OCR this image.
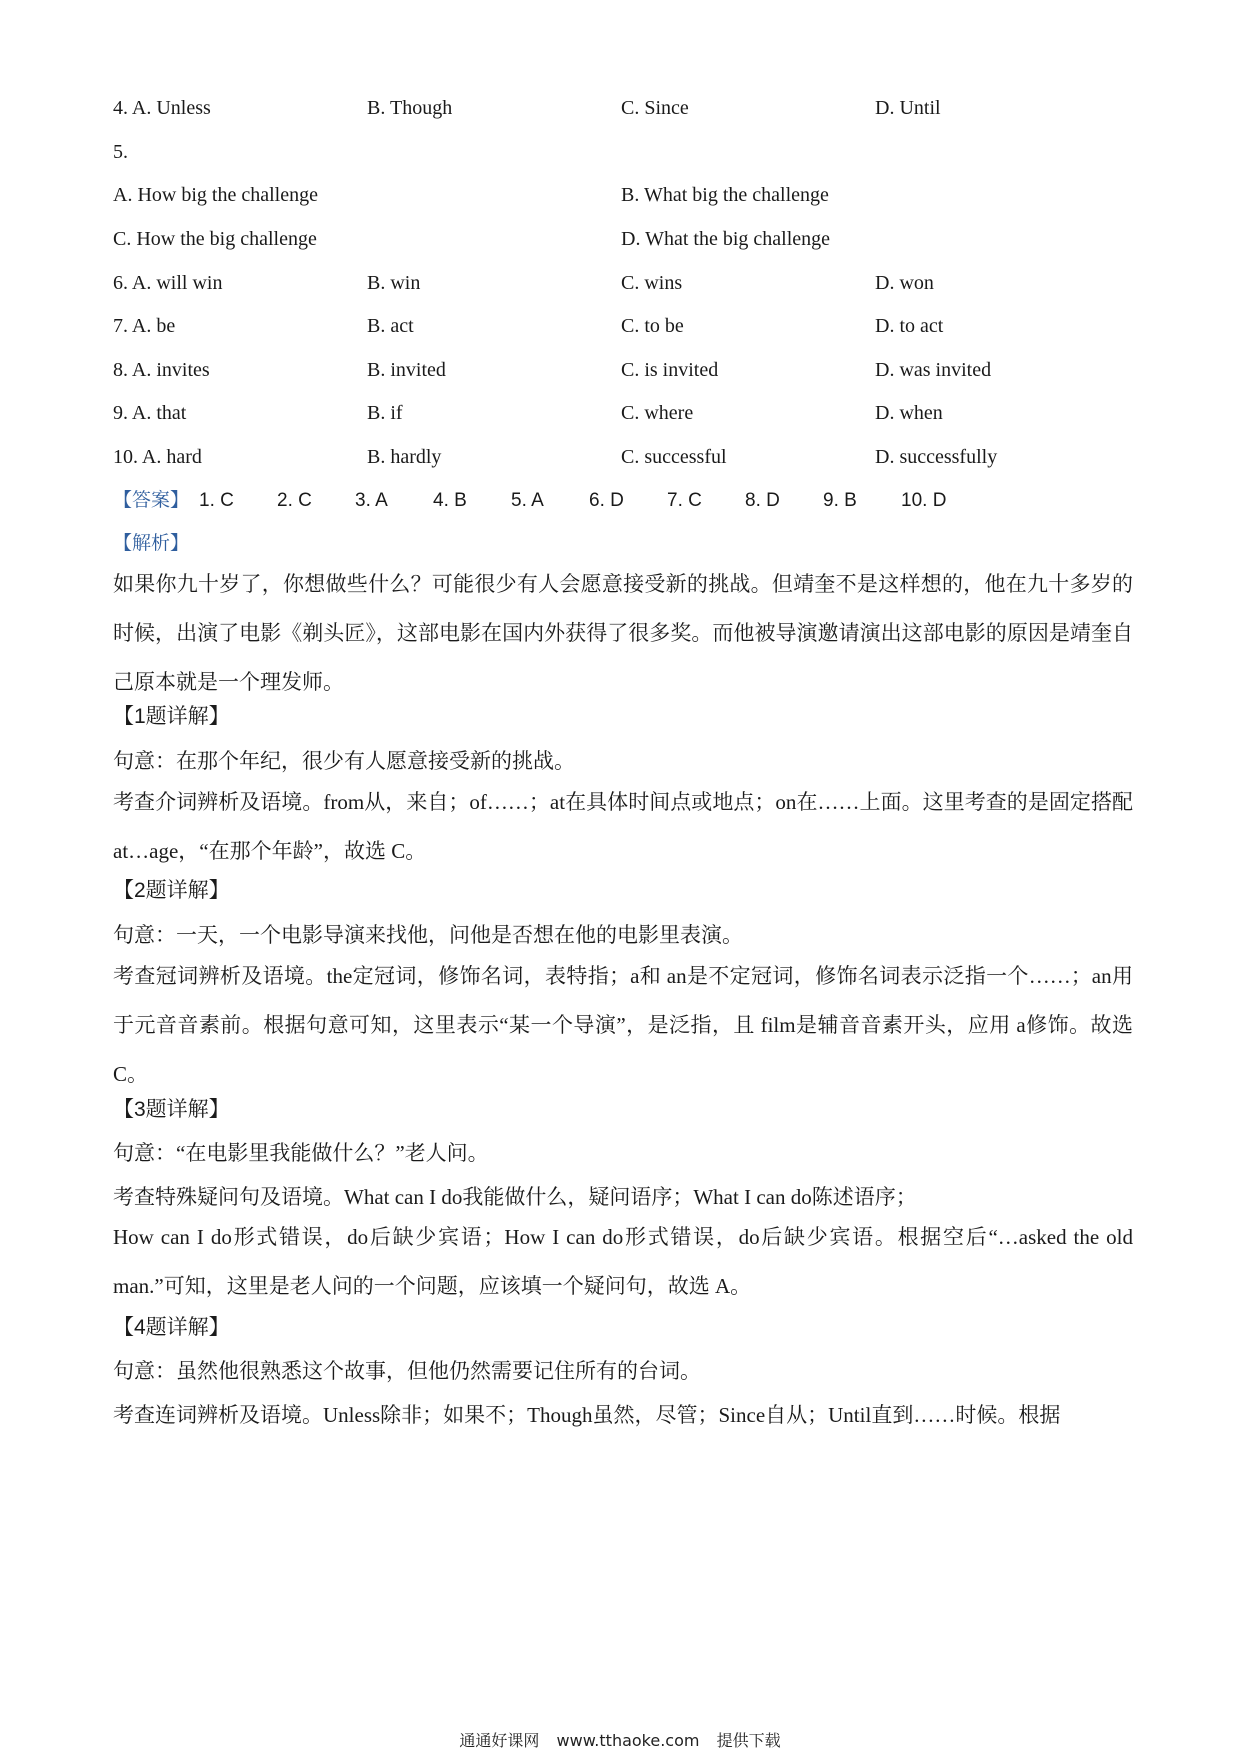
4. A. Unless	B. Though	C. Since	D. Until
5.
A. How big the challenge	B. What big the challenge
C. How the big challenge	D. What the big challenge
6. A. will win	B. win	C. wins	D. won
7. A. be	B. act	C. to be	D. to act
8. A. invites	B. invited	C. is invited	D. was invited
9. A. that	B. if	C. where	D. when
10. A. hard	B. hardly	C. successful	D. successfully
【答案】 1. C 2. C 3. A 4. B 5. A 6. D 7. C 8. D 9. B 10. D
【解析】
如果你九十岁了，你想做些什么？可能很少有人会愿意接受新的挑战。但靖奎不是这样想的，他在九十多岁的时候，出演了电影《剃头匠》，这部电影在国内外获得了很多奖。而他被导演邀请演出这部电影的原因是靖奎自己原本就是一个理发师。
【1题详解】
句意：在那个年纪，很少有人愿意接受新的挑战。
考查介词辨析及语境。from从，来自；of……；at在具体时间点或地点；on在……上面。这里考查的是固定搭配 at…age，“在那个年龄”，故选 C。
【2题详解】
句意：一天，一个电影导演来找他，问他是否想在他的电影里表演。
考查冠词辨析及语境。the定冠词，修饰名词，表特指；a和 an是不定冠词，修饰名词表示泛指一个……；an用于元音音素前。根据句意可知，这里表示“某一个导演”，是泛指，且 film是辅音音素开头，应用 a修饰。故选 C。
【3题详解】
句意：“在电影里我能做什么？”老人问。
考查特殊疑问句及语境。What can I do我能做什么，疑问语序；What I can do陈述语序；
How can I do形式错误，do后缺少宾语；How I can do形式错误，do后缺少宾语。根据空后“…asked the old man.”可知，这里是老人问的一个问题，应该填一个疑问句，故选 A。
【4题详解】
句意：虽然他很熟悉这个故事，但他仍然需要记住所有的台词。
考查连词辨析及语境。Unless除非；如果不；Though虽然，尽管；Since自从；Until直到……时候。根据
通通好课网 www.tthaoke.com 提供下载
